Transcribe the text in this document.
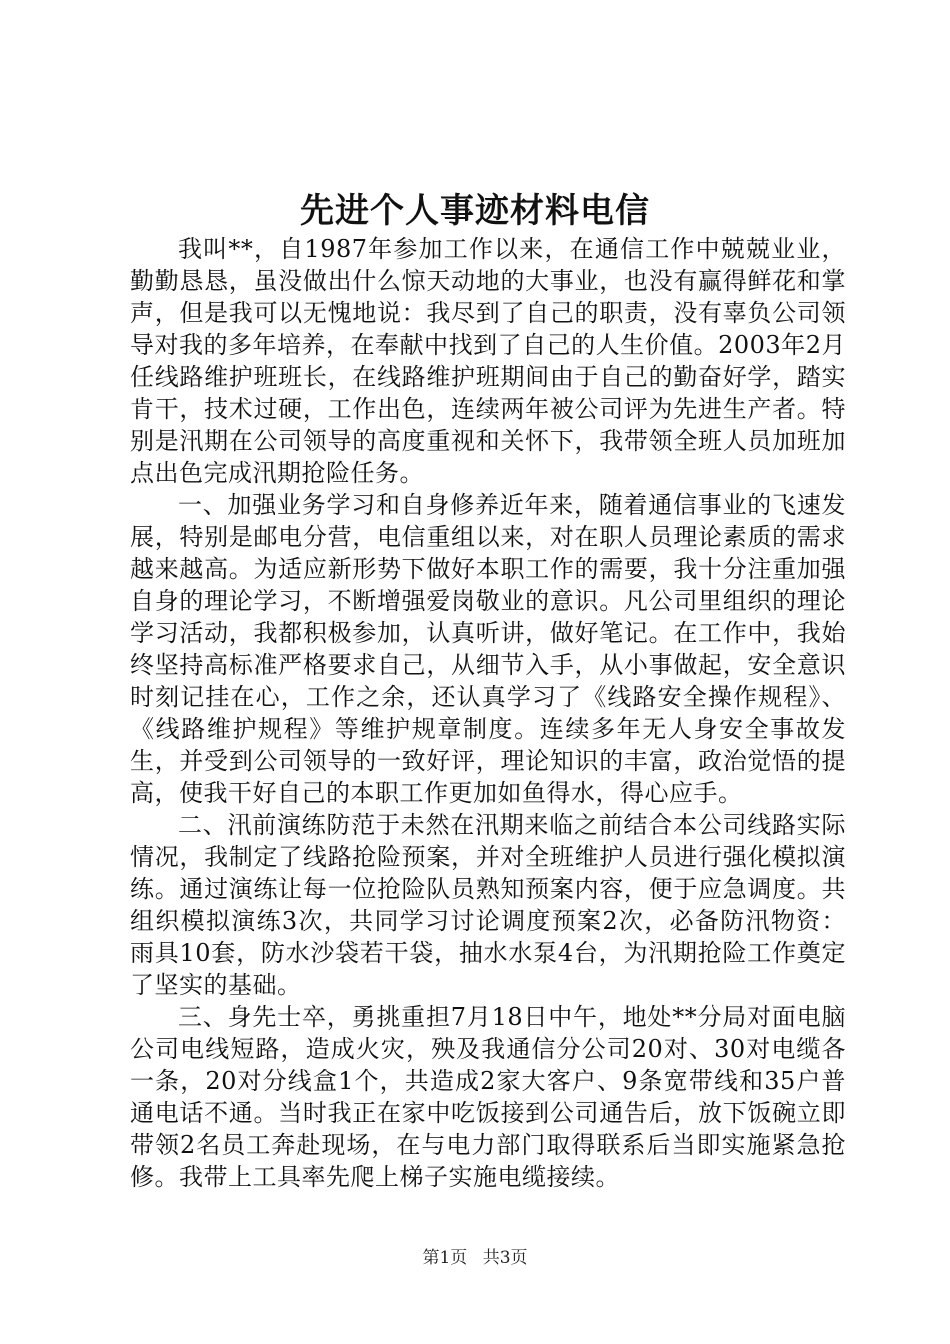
先进个人事迹材料电信

我叫**，自1987年参加工作以来，在通信工作中兢兢业业，勤勤恳恳，虽没做出什么惊天动地的大事业，也没有赢得鲜花和掌声，但是我可以无愧地说：我尽到了自己的职责，没有辜负公司领导对我的多年培养，在奉献中找到了自己的人生价值。2003年2月任线路维护班班长，在线路维护班期间由于自己的勤奋好学，踏实肯干，技术过硬，工作出色，连续两年被公司评为先进生产者。特别是汛期在公司领导的高度重视和关怀下，我带领全班人员加班加点出色完成汛期抢险任务。

一、加强业务学习和自身修养近年来，随着通信事业的飞速发展，特别是邮电分营，电信重组以来，对在职人员理论素质的需求越来越高。为适应新形势下做好本职工作的需要，我十分注重加强自身的理论学习，不断增强爱岗敬业的意识。凡公司里组织的理论学习活动，我都积极参加，认真听讲，做好笔记。在工作中，我始终坚持高标准严格要求自己，从细节入手，从小事做起，安全意识时刻记挂在心，工作之余，还认真学习了《线路安全操作规程》、《线路维护规程》等维护规章制度。连续多年无人身安全事故发生，并受到公司领导的一致好评，理论知识的丰富，政治觉悟的提高，使我干好自己的本职工作更加如鱼得水，得心应手。

二、汛前演练防范于未然在汛期来临之前结合本公司线路实际情况，我制定了线路抢险预案，并对全班维护人员进行强化模拟演练。通过演练让每一位抢险队员熟知预案内容，便于应急调度。共组织模拟演练3次，共同学习讨论调度预案2次，必备防汛物资：雨具10套，防水沙袋若干袋，抽水水泵4台，为汛期抢险工作奠定了坚实的基础。

三、身先士卒，勇挑重担7月18日中午，地处**分局对面电脑公司电线短路，造成火灾，殃及我通信分公司20对、30对电缆各一条，20对分线盒1个，共造成2家大客户、9条宽带线和35户普通电话不通。当时我正在家中吃饭接到公司通告后，放下饭碗立即带领2名员工奔赴现场，在与电力部门取得联系后当即实施紧急抢修。我带上工具率先爬上梯子实施电缆接续。

第1页 共3页
